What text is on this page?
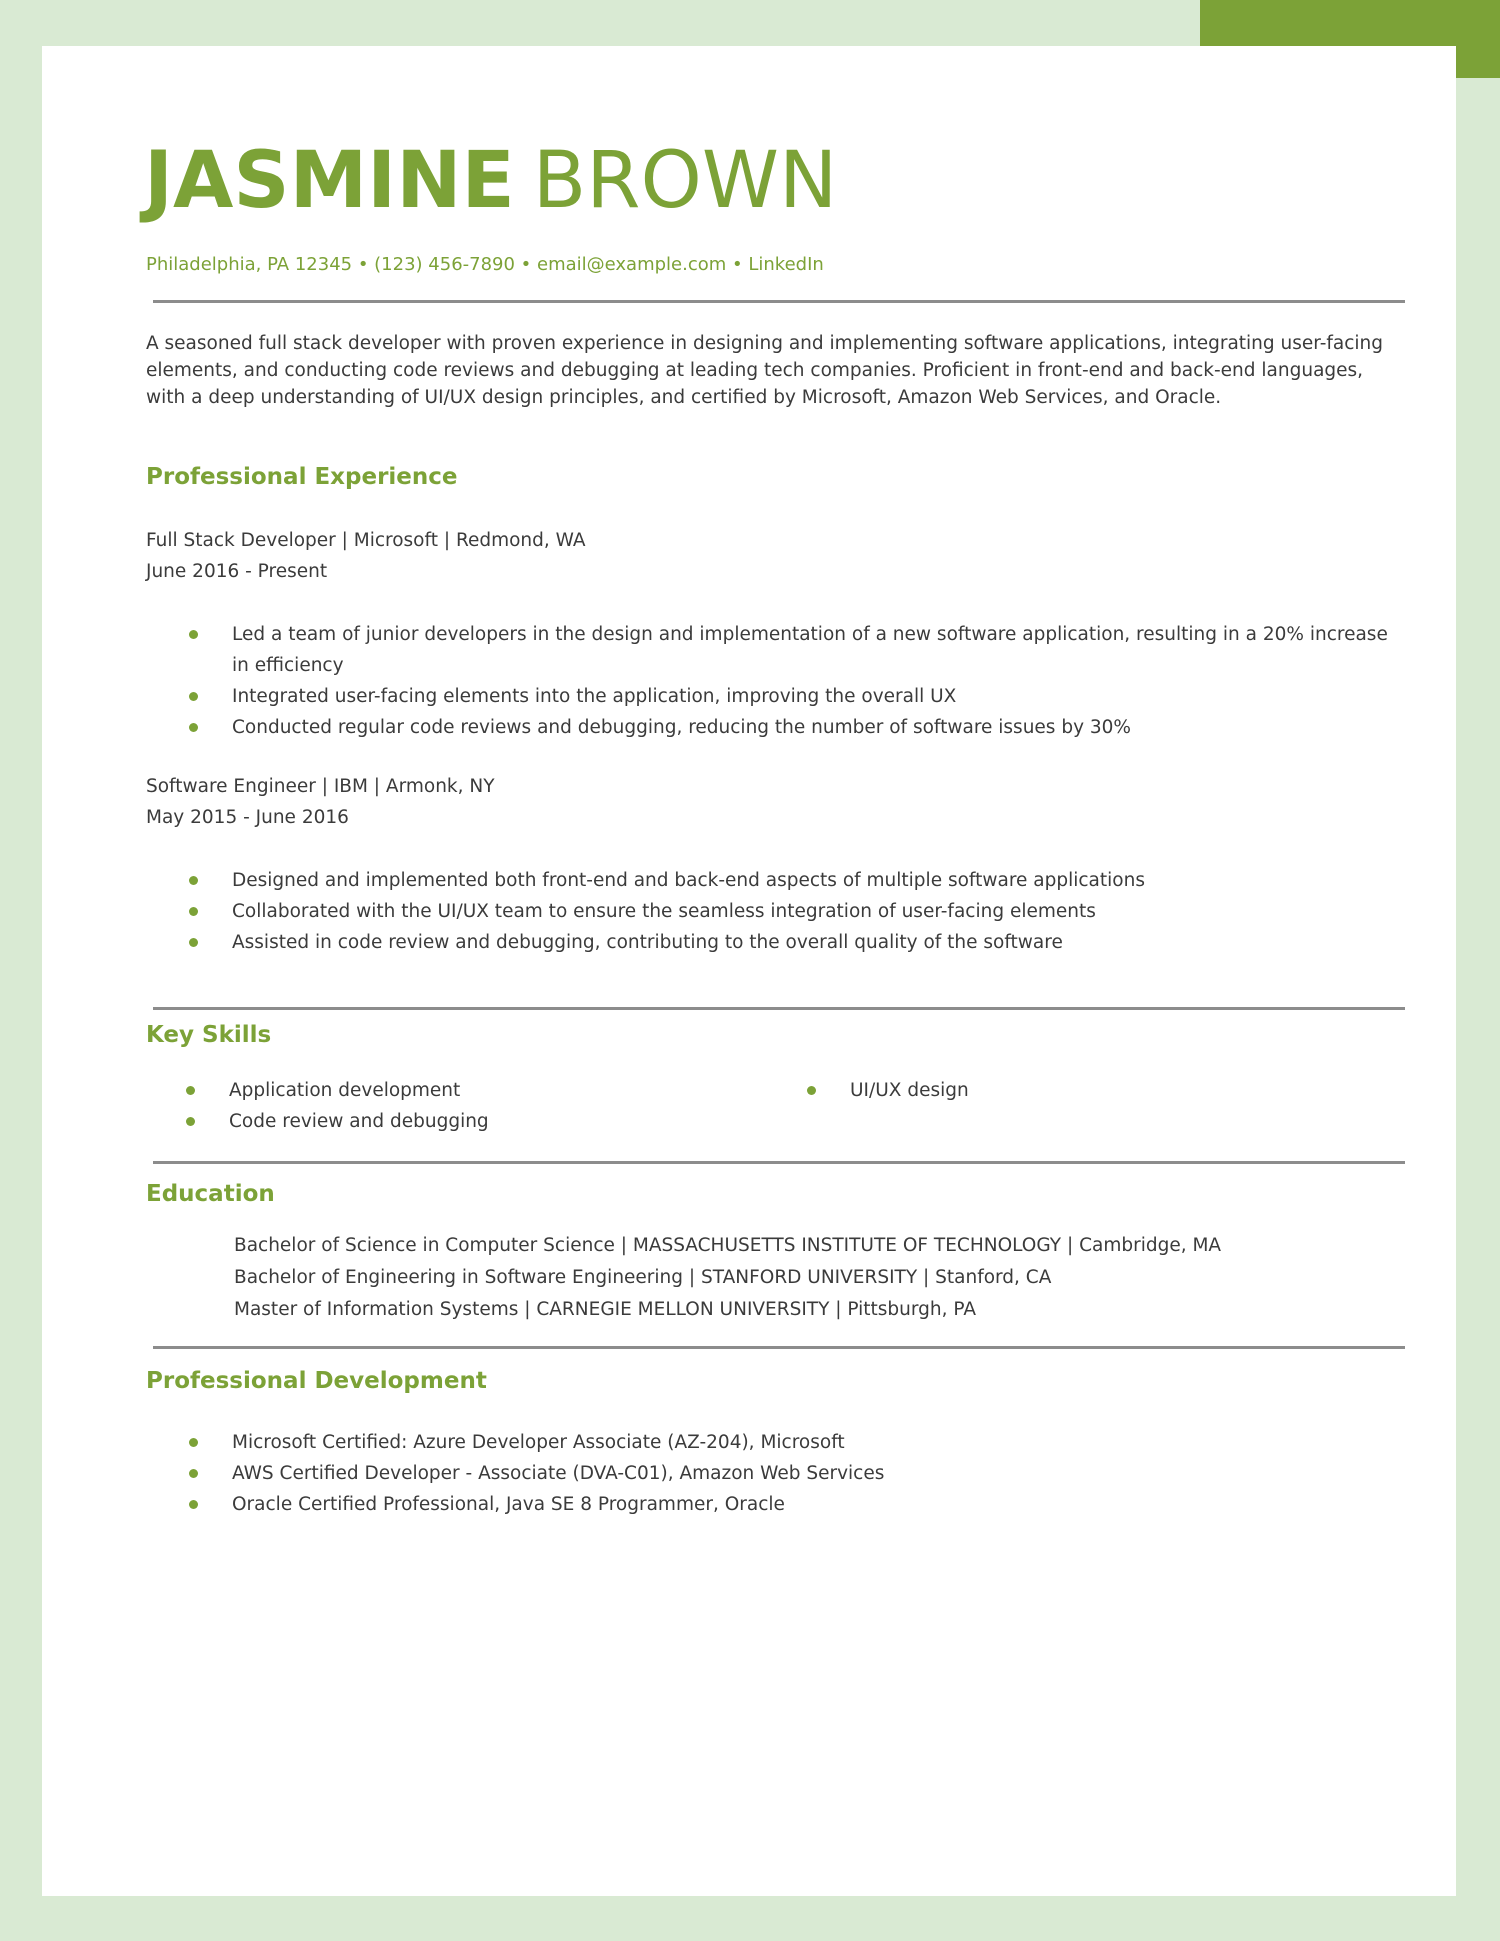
JASMINE BROWN
Philadelphia, PA 12345 • (123) 456-7890 • email@example.com • LinkedIn

A seasoned full stack developer with proven experience in designing and implementing software applications, integrating user-facing elements, and conducting code reviews and debugging at leading tech companies. Proficient in front-end and back-end languages, with a deep understanding of UI/UX design principles, and certified by Microsoft, Amazon Web Services, and Oracle.

Professional Experience
Full Stack Developer | Microsoft | Redmond, WA
June 2016 - Present
Led a team of junior developers in the design and implementation of a new software application, resulting in a 20% increase in efficiency
Integrated user-facing elements into the application, improving the overall UX
Conducted regular code reviews and debugging, reducing the number of software issues by 30%
Software Engineer | IBM | Armonk, NY
May 2015 - June 2016
Designed and implemented both front-end and back-end aspects of multiple software applications
Collaborated with the UI/UX team to ensure the seamless integration of user-facing elements
Assisted in code review and debugging, contributing to the overall quality of the software
Key Skills
Application development
Code review and debugging
UI/UX design
Education
Bachelor of Science in Computer Science | MASSACHUSETTS INSTITUTE OF TECHNOLOGY | Cambridge, MA
Bachelor of Engineering in Software Engineering | STANFORD UNIVERSITY | Stanford, CA
Master of Information Systems | CARNEGIE MELLON UNIVERSITY | Pittsburgh, PA
Professional Development
Microsoft Certified: Azure Developer Associate (AZ-204), Microsoft
AWS Certified Developer - Associate (DVA-C01), Amazon Web Services
Oracle Certified Professional, Java SE 8 Programmer, Oracle
